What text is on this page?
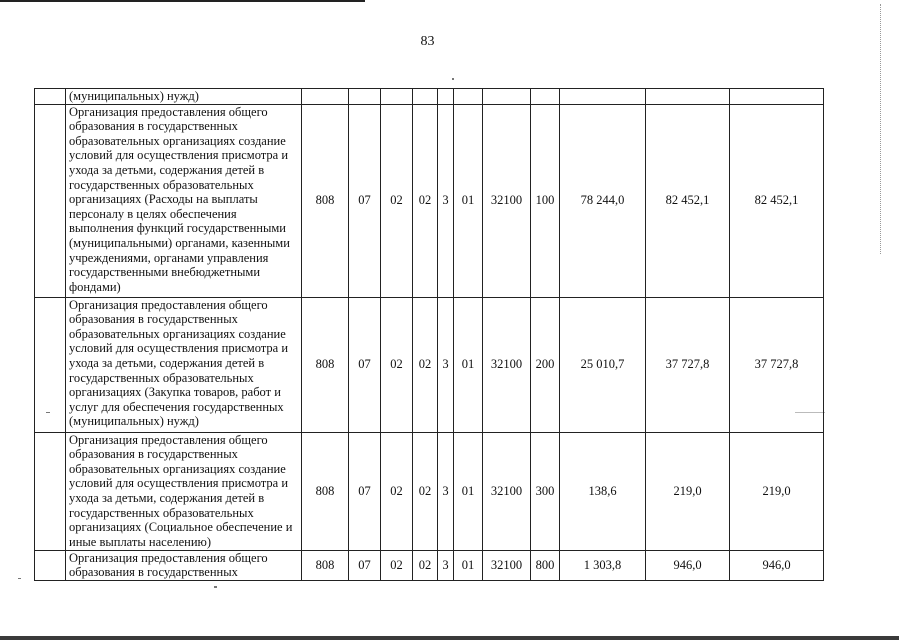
83
	(муниципальных) нужд)											
	Организация предоставления общего образования в государственных образовательных организациях создание условий для осуществления присмотра и ухода за детьми, содержания детей в государственных образовательных организациях (Расходы на выплаты персоналу в целях обеспечения выполнения функций государственными (муниципальными) органами, казенными учреждениями, органами управления государственными внебюджетными фондами)	808	07	02	02	3	01	32100	100	78 244,0	82 452,1	82 452,1
	Организация предоставления общего образования в государственных образовательных организациях создание условий для осуществления присмотра и ухода за детьми, содержания детей в государственных образовательных организациях (Закупка товаров, работ и услуг для обеспечения государственных (муниципальных) нужд)	808	07	02	02	3	01	32100	200	25 010,7	37 727,8	37 727,8
	Организация предоставления общего образования в государственных образовательных организациях создание условий для осуществления присмотра и ухода за детьми, содержания детей в государственных образовательных организациях (Социальное обеспечение и иные выплаты населению)	808	07	02	02	3	01	32100	300	138,6	219,0	219,0
	Организация предоставления общего образования в государственных	808	07	02	02	3	01	32100	800	1 303,8	946,0	946,0
